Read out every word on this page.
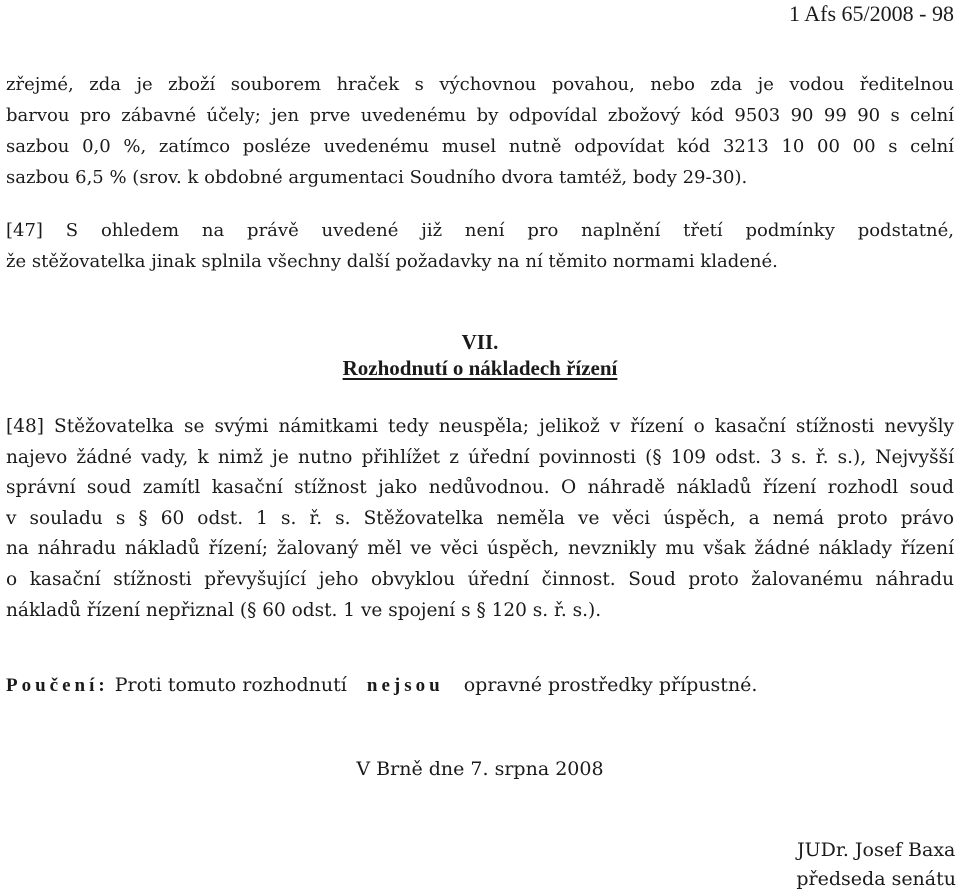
1 Afs 65/2008 - 98
zřejmé, zda je zboží souborem hraček s výchovnou povahou, nebo zda je vodou ředitelnou
barvou pro zábavné účely; jen prve uvedenému by odpovídal zbožový kód 9503 90 99 90 s celní
sazbou 0,0 %, zatímco posléze uvedenému musel nutně odpovídat kód 3213 10 00 00 s celní
sazbou 6,5 % (srov. k obdobné argumentaci Soudního dvora tamtéž, body 29-30).
[47] S ohledem na právě uvedené již není pro naplnění třetí podmínky podstatné,
že stěžovatelka jinak splnila všechny další požadavky na ní těmito normami kladené.
VII.
Rozhodnutí o nákladech řízení
[48] Stěžovatelka se svými námitkami tedy neuspěla; jelikož v řízení o kasační stížnosti nevyšly
najevo žádné vady, k nimž je nutno přihlížet z úřední povinnosti (§ 109 odst. 3 s. ř. s.), Nejvyšší
správní soud zamítl kasační stížnost jako nedůvodnou. O náhradě nákladů řízení rozhodl soud
v souladu s § 60 odst. 1 s. ř. s. Stěžovatelka neměla ve věci úspěch, a nemá proto právo
na náhradu nákladů řízení; žalovaný měl ve věci úspěch, nevznikly mu však žádné náklady řízení
o kasační stížnosti převyšující jeho obvyklou úřední činnost. Soud proto žalovanému náhradu
nákladů řízení nepřiznal (§ 60 odst. 1 ve spojení s § 120 s. ř. s.).
Poučení: Proti tomuto rozhodnutí nejsou opravné prostředky přípustné.
V Brně dne 7. srpna 2008
JUDr. Josef Baxa
předseda senátu
